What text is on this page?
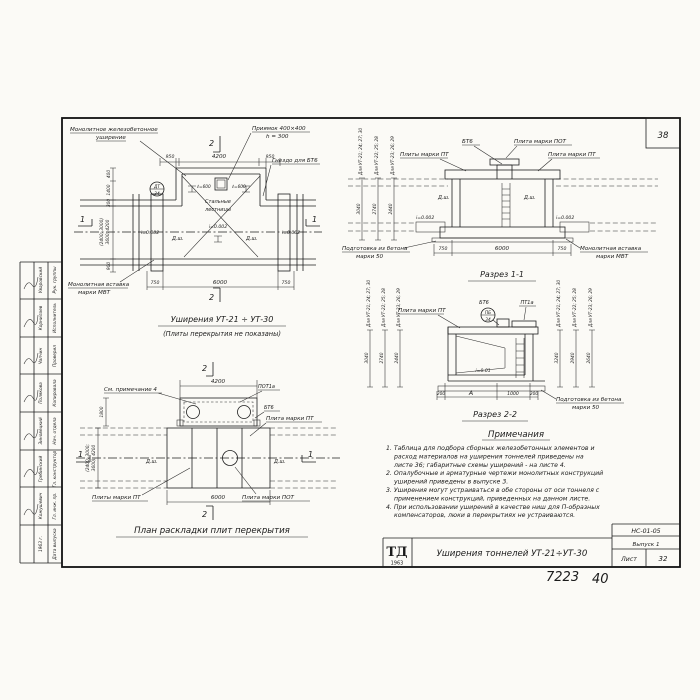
38
Рук. группы
Уваровский
Исполнитель
Корнилаев
Проверил
Чапчин
Копировала
Полякова
Нач. отдела
Зиновецкий
Гл. конструктор
Гребинский
Гл. инж. пр.
Кожушевич
Дата выпуска
1963 г.
ДТ
34
ℓ=600	ℓ=600
950	4200	950
750	6000	750
400
1400
300
(2400; 3000) 3600; 4200
900
2
2
1	1
Монолитное железобетонное
уширение
Приямок 400×400
h = 300
Гнездо для БТ6
Стальные
лестницы
i=0.002
i=0.002	i=0.002
Д.ш.	Д.ш.
Монолитная вставка
марки МВТ
Уширения УТ-21 ÷ УТ-30
(Плиты перекрытия не показаны)
БТ6	Плита марки ПОТ
Плиты марки ПТ	Плита марки ПТ
Д.ш.	Д.ш.
i=0.002	i=0.002
750	6000	750
Для УТ-21; 24; 27; 30	Для УТ-22; 25; 28	Для УТ-23; 26; 29
3040	2740	2440
Подготовка из бетона
марки 50
Монолитная вставка
марки МВТ
Разрез 1-1
ПБ
34
БТ6	ПТ1а
Плита марки ПТ
i=0.01
200	А	1000	200
Для УТ-21; 24; 27; 30 Для УТ-22; 25; 28 Для УТ-23; 26; 29
3040 2740 2440
Для УТ-21; 24; 27; 30	Для УТ-22; 25; 28	Для УТ-23; 26; 29
3240	2940	2640
Подготовка из бетона
марки 50
Разрез 2-2
4200
1800
(2400; 3000; 3600); 4200
6000
2
2
1	1
См. примечание 4	ПОТ1а
БТ6
Плита марки ПТ
Д.ш.	Д.ш.
Плиты марки ПТ	Плита марки ПОТ
План раскладки плит перекрытия
Примечания
1. Таблица для подбора сборных железобетонных элементов и
расход материалов на уширения тоннелей приведены на
листе 36; габаритные схемы уширений - на листе 4.
2. Опалубочные и арматурные чертежи монолитных конструкций
уширений приведены в выпуске 3.
3. Уширения могут устраиваться в обе стороны от оси тоннеля с
применением конструкций, приведенных на данном листе.
4. При использовании уширений в качестве ниш для П-образных
компенсаторов, люки в перекрытиях не устраиваются.
НС-01-05
Выпуск 1
Лист	32
ТД
1963
Уширения тоннелей УТ-21÷УТ-30
7223 40
